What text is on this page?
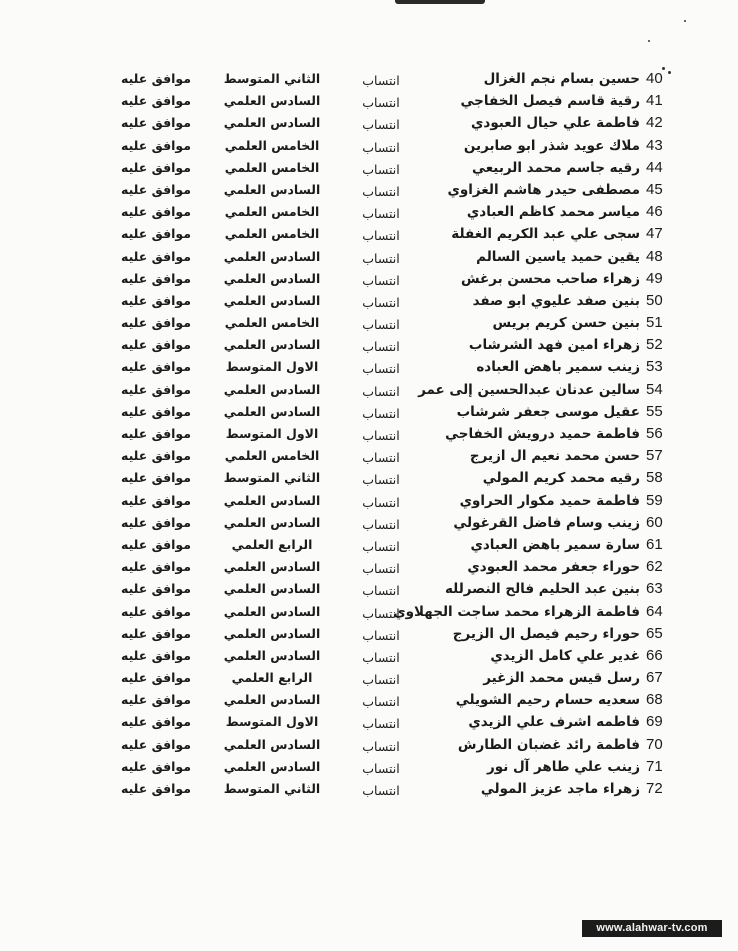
40
حسين بسام نجم الغزال
انتساب
الثاني المتوسط
موافق عليه
41
رقية قاسم فيصل الخفاجي
انتساب
السادس العلمي
موافق عليه
42
فاطمة علي حيال العبودي
انتساب
السادس العلمي
موافق عليه
43
ملاك عويد شذر ابو صابرين
انتساب
الخامس العلمي
موافق عليه
44
رقيه جاسم محمد الربيعي
انتساب
الخامس العلمي
موافق عليه
45
مصطفى حيدر هاشم الغزاوي
انتساب
السادس العلمي
موافق عليه
46
مياسر محمد كاظم العبادي
انتساب
الخامس العلمي
موافق عليه
47
سجى علي عبد الكريم الغفلة
انتساب
الخامس العلمي
موافق عليه
48
يقين حميد ياسين السالم
انتساب
السادس العلمي
موافق عليه
49
زهراء صاحب محسن برغش
انتساب
السادس العلمي
موافق عليه
50
بنين صفد عليوي ابو صفد
انتساب
السادس العلمي
موافق عليه
51
بنين حسن كريم بريس
انتساب
الخامس العلمي
موافق عليه
52
زهراء امين فهد الشرشاب
انتساب
السادس العلمي
موافق عليه
53
زينب سمير باهض العباده
انتساب
الاول المتوسط
موافق عليه
54
سالين عدنان عبدالحسين إلى عمر
انتساب
السادس العلمي
موافق عليه
55
عقيل موسى جعفر شرشاب
انتساب
السادس العلمي
موافق عليه
56
فاطمة حميد درويش الخفاجي
انتساب
الاول المتوسط
موافق عليه
57
حسن محمد نعيم ال ازيرج
انتساب
الخامس العلمي
موافق عليه
58
رقيه محمد كريم المولي
انتساب
الثاني المتوسط
موافق عليه
59
فاطمة حميد مكوار الحراوي
انتساب
السادس العلمي
موافق عليه
60
زينب وسام فاضل القرغولي
انتساب
السادس العلمي
موافق عليه
61
سارة سمير باهض العبادي
انتساب
الرابع العلمي
موافق عليه
62
حوراء جعفر محمد العبودي
انتساب
السادس العلمي
موافق عليه
63
بنين عبد الحليم فالح النصرلله
انتساب
السادس العلمي
موافق عليه
64
فاطمة الزهراء محمد ساجت الجهلاوي
انتساب
السادس العلمي
موافق عليه
65
حوراء رحيم فيصل ال الزيرج
انتساب
السادس العلمي
موافق عليه
66
غدير علي كامل الزيدي
انتساب
السادس العلمي
موافق عليه
67
رسل قيس محمد الزغير
انتساب
الرابع العلمي
موافق عليه
68
سعديه حسام رحيم الشويلي
انتساب
السادس العلمي
موافق عليه
69
فاطمه اشرف علي الزيدي
انتساب
الاول المتوسط
موافق عليه
70
فاطمة رائد غضبان الطارش
انتساب
السادس العلمي
موافق عليه
71
زينب علي طاهر آل نور
انتساب
السادس العلمي
موافق عليه
72
زهراء ماجد عزيز المولي
انتساب
الثاني المتوسط
موافق عليه
www.alahwar-tv.com
